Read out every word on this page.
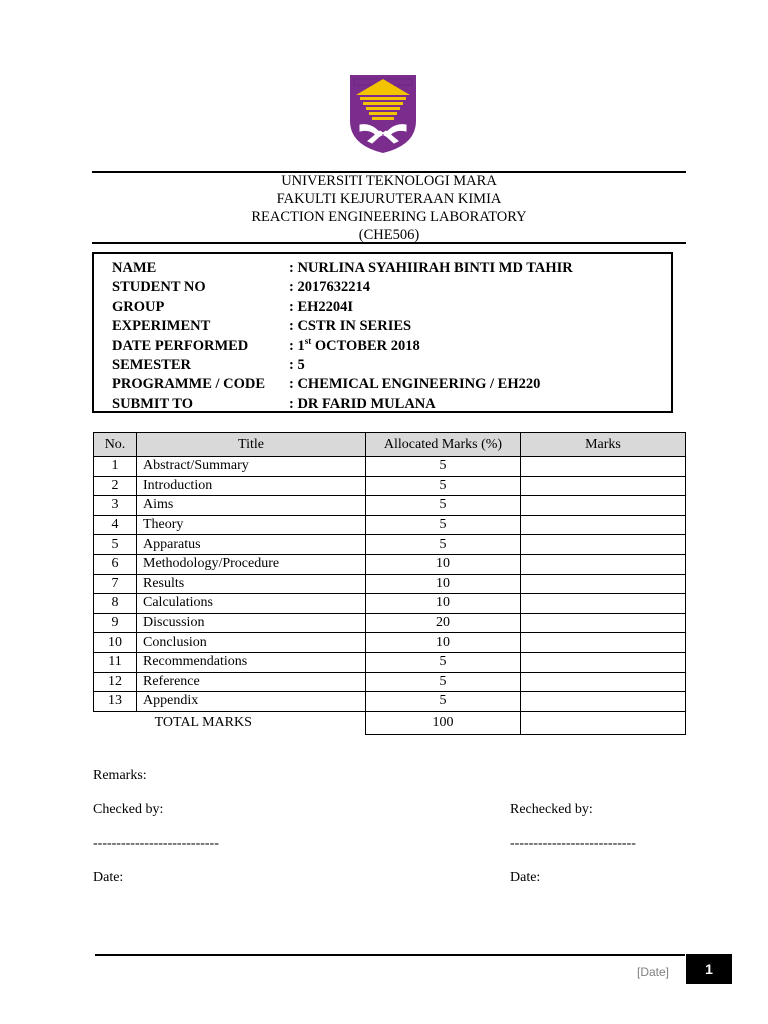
UNIVERSITI TEKNOLOGI MARA
FAKULTI KEJURUTERAAN KIMIA
REACTION ENGINEERING LABORATORY
(CHE506)
NAME	: NURLINA SYAHIIRAH BINTI MD TAHIR
STUDENT NO	: 2017632214
GROUP	: EH2204I
EXPERIMENT	: CSTR IN SERIES
DATE PERFORMED	: 1st OCTOBER 2018
SEMESTER	: 5
PROGRAMME / CODE : CHEMICAL ENGINEERING / EH220
SUBMIT TO	: DR FARID MULANA
No.	Title	Allocated Marks (%)	Marks
1	Abstract/Summary	5	
2	Introduction	5	
3	Aims	5	
4	Theory	5	
5	Apparatus	5	
6	Methodology/Procedure	10	
7	Results	10	
8	Calculations	10	
9	Discussion	20	
10	Conclusion	10	
11	Recommendations	5	
12	Reference	5	
13	Appendix	5	
TOTAL MARKS		100	
Remarks:
Checked by:	Rechecked by:
---------------------------	---------------------------
Date:	Date:
[Date]	1
